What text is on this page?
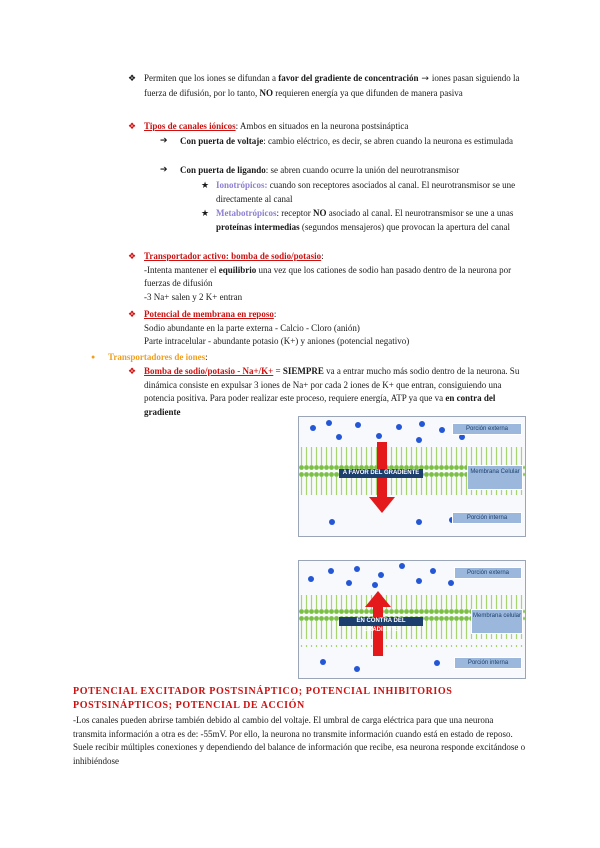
❖ Permiten que los iones se difundan a favor del gradiente de concentración → iones pasan siguiendo la fuerza de difusión, por lo tanto, NO requieren energía ya que difunden de manera pasiva
❖ Tipos de canales iónicos: Ambos en situados en la neurona postsináptica
➔ Con puerta de voltaje: cambio eléctrico, es decir, se abren cuando la neurona es estimulada
➔ Con puerta de ligando: se abren cuando ocurre la unión del neurotransmisor
★ Ionotrópicos: cuando son receptores asociados al canal. El neurotransmisor se une directamente al canal
★ Metabotrópicos: receptor NO asociado al canal. El neurotransmisor se une a unas proteínas intermedias (segundos mensajeros) que provocan la apertura del canal
❖ Transportador activo: bomba de sodio/potasio:
-Intenta mantener el equilibrio una vez que los cationes de sodio han pasado dentro de la neurona por fuerzas de difusión
-3 Na+ salen y 2 K+ entran
❖ Potencial de membrana en reposo:
Sodio abundante en la parte externa - Calcio - Cloro (anión)
Parte intracelular - abundante potasio (K+) y aniones (potencial negativo)
● Transportadores de iones:
❖ Bomba de sodio/potasio - Na+/K+ = SIEMPRE va a entrar mucho más sodio dentro de la neurona. Su dinámica consiste en expulsar 3 iones de Na+ por cada 2 iones de K+ que entran, consiguiendo una potencia positiva. Para poder realizar este proceso, requiere energía, ATP ya que va en contra del gradiente
Porción externa
A FAVOR DEL GRADIENTE	Membrana Celular
Porción interna
Porción externa
EN CONTRA DEL GRADIENTE
Membrana celular
Porción interna
POTENCIAL EXCITADOR POSTSINÁPTICO; POTENCIAL INHIBITORIOS POSTSINÁPTICOS; POTENCIAL DE ACCIÓN
-Los canales pueden abrirse también debido al cambio del voltaje. El umbral de carga eléctrica para que una neurona transmita información a otra es de: -55mV. Por ello, la neurona no transmite información cuando está en estado de reposo. Suele recibir múltiples conexiones y dependiendo del balance de información que recibe, esa neurona responde excitándose o inhibiéndose
